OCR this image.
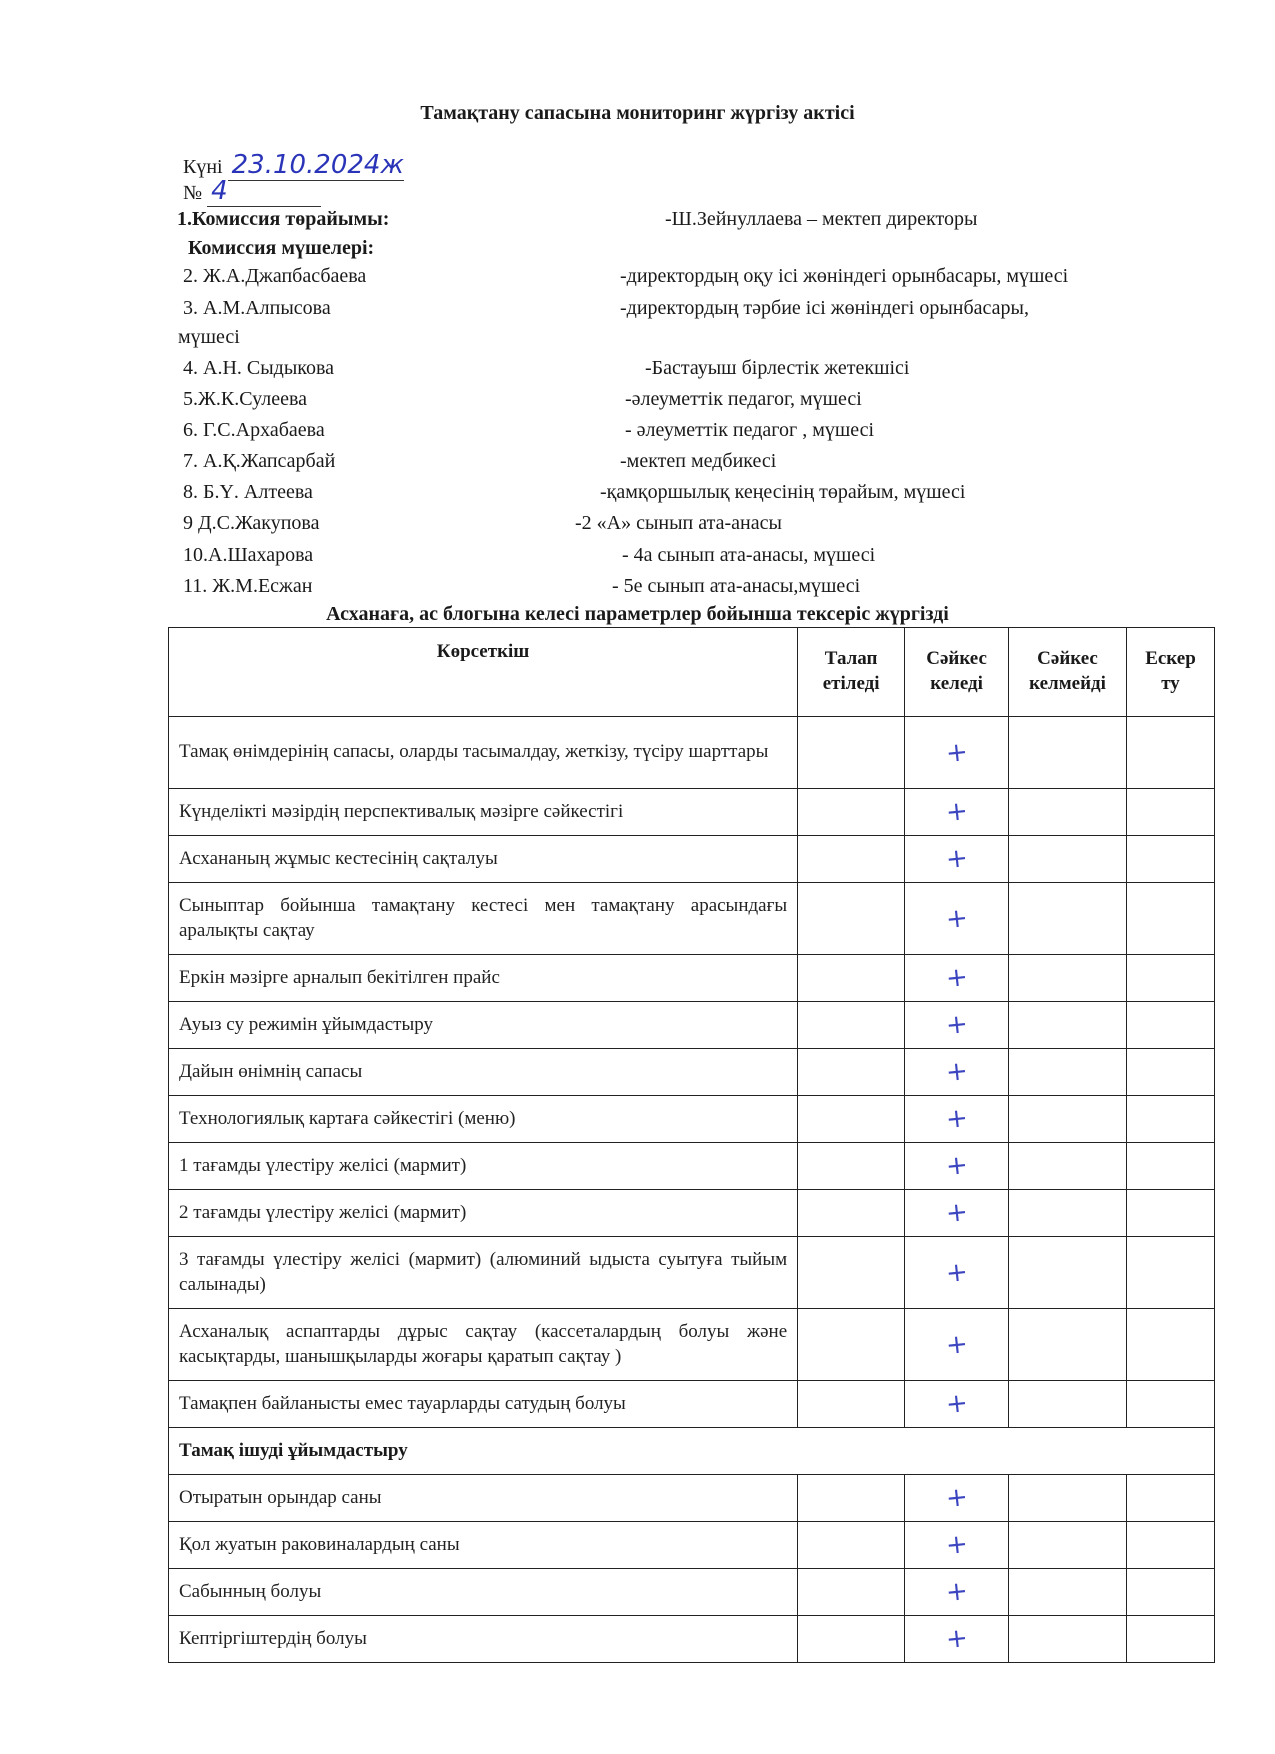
Тамақтану сапасына мониторинг жүргізу актісі
Күні 23.10.2024ж
№ 4
1.Комиссия төрайымы:	-Ш.Зейнуллаева – мектеп директоры
Комиссия мүшелері:
2. Ж.А.Джапбасбаева	-директордың оқу ісі жөніндегі орынбасары, мүшесі
3. А.М.Алпысова	-директордың тәрбие ісі жөніндегі орынбасары,
мүшесі
4. А.Н. Сыдыкова	-Бастауыш бірлестік жетекшісі
5.Ж.К.Сулеева	-әлеуметтік педагог, мүшесі
6. Г.С.Архабаева	- әлеуметтік педагог , мүшесі
7. А.Қ.Жапсарбай	-мектеп медбикесі
8. Б.Ү. Алтеева	-қамқоршылық кеңесінің төрайым, мүшесі
9 Д.С.Жакупова	-2 «А» сынып ата-анасы
10.А.Шахарова	- 4а сынып ата-анасы, мүшесі
11. Ж.М.Есжан	- 5е сынып ата-анасы,мүшесі
Асханаға, ас блогына келесі параметрлер бойынша тексеріс жүргізді
Көрсеткіш	Талап етіледі	Сәйкес келеді	Сәйкес келмейді	Ескер ту
Тамақ өнімдерінің сапасы, оларды тасымалдау, жеткізу, түсіру шарттары		+		
Күнделікті мәзірдің перспективалық мәзірге сәйкестігі		+		
Асхананың жұмыс кестесінің сақталуы		+		
Сыныптар бойынша тамақтану кестесі мен тамақтану арасындағы аралықты сақтау		+		
Еркін мәзірге арналып бекітілген прайс		+		
Ауыз су режимін ұйымдастыру		+		
Дайын өнімнің сапасы		+		
Технологиялық картаға сәйкестігі (меню)		+		
1 тағамды үлестіру желісі (мармит)		+		
2 тағамды үлестіру желісі (мармит)		+		
3 тағамды үлестіру желісі (мармит) (алюминий ыдыста суытуға тыйым салынады)		+		
Асханалық аспаптарды дұрыс сақтау (кассеталардың болуы және касықтарды, шанышқыларды жоғары қаратып сақтау )		+		
Тамақпен байланысты емес тауарларды сатудың болуы		+		
Тамақ ішуді ұйымдастыру				
Отыратын орындар саны		+		
Қол жуатын раковиналардың саны		+		
Сабынның болуы		+		
Кептіргіштердің болуы		+		
